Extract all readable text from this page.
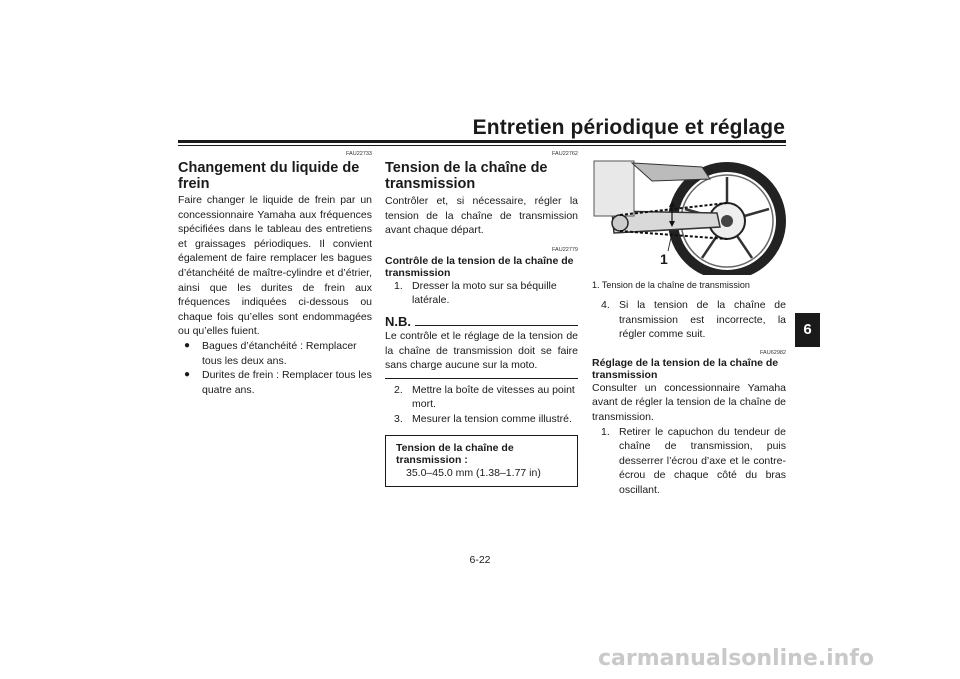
Entretien périodique et réglage
6
FAU22733
Changement du liquide de frein
Faire changer le liquide de frein par un concessionnaire Yamaha aux fréquences spécifiées dans le tableau des entretiens et graissages périodiques. Il convient également de faire remplacer les bagues d’étanchéité de maître-cylindre et d’étrier, ainsi que les durites de frein aux fréquences indiquées ci-dessous ou chaque fois qu’elles sont endommagées ou qu’elles fuient.
●	Bagues d’étanchéité : Remplacer tous les deux ans.
●	Durites de frein : Remplacer tous les quatre ans.
FAU22762
Tension de la chaîne de transmission
Contrôler et, si nécessaire, régler la tension de la chaîne de transmission avant chaque départ.
FAU22779
Contrôle de la tension de la chaîne de transmission
1. Dresser la moto sur sa béquille latérale.
N.B.
Le contrôle et le réglage de la tension de la chaîne de transmission doit se faire sans charge aucune sur la moto.
2. Mettre la boîte de vitesses au point mort.
3. Mesurer la tension comme illustré.
Tension de la chaîne de transmission :
35.0–45.0 mm (1.38–1.77 in)
1
1. Tension de la chaîne de transmission
4. Si la tension de la chaîne de transmission est incorrecte, la régler comme suit.
FAU62982
Réglage de la tension de la chaîne de transmission
Consulter un concessionnaire Yamaha avant de régler la tension de la chaîne de transmission.
1. Retirer le capuchon du tendeur de chaîne de transmission, puis desserrer l’écrou d’axe et le contre-écrou de chaque côté du bras oscillant.
6-22
carmanualsonline.info
